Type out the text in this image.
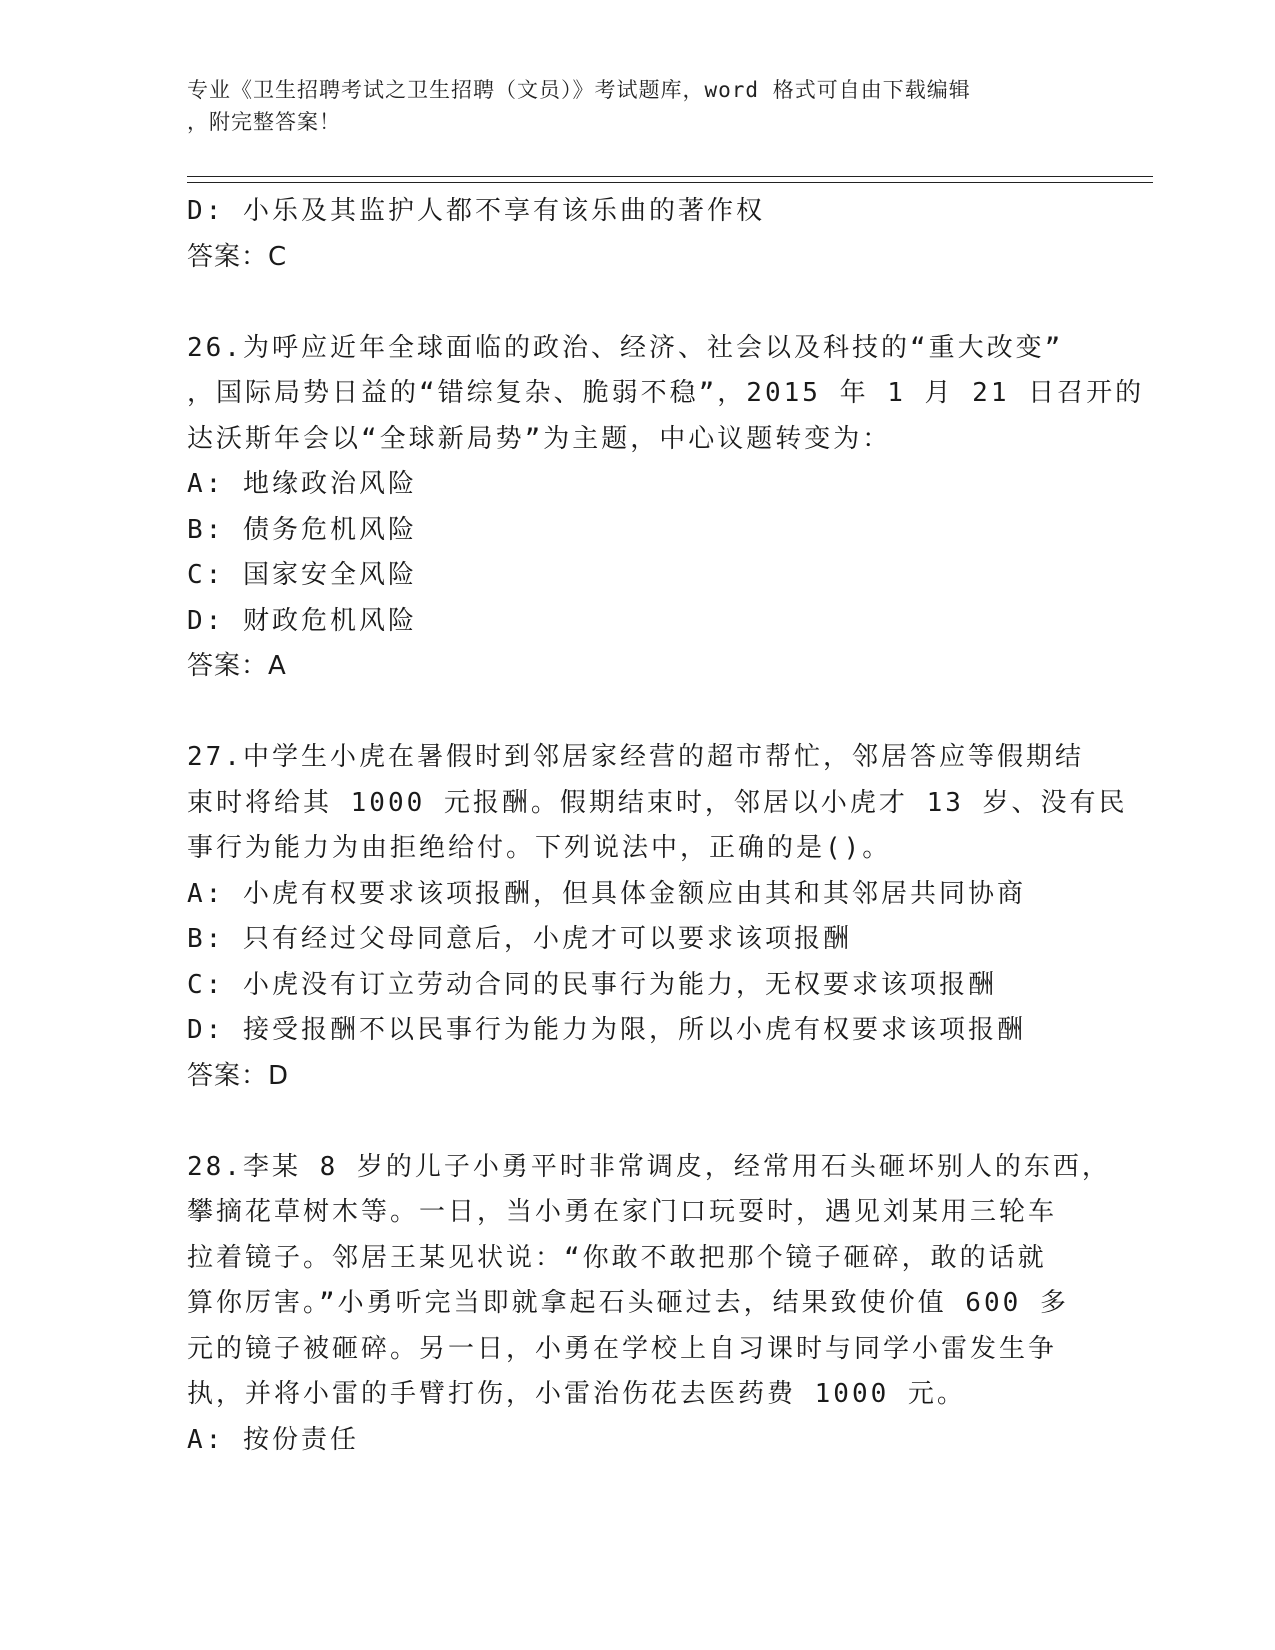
专业《卫生招聘考试之卫生招聘（文员）》考试题库，word 格式可自由下载编辑
，附完整答案！
D: 小乐及其监护人都不享有该乐曲的著作权
答案：C
26.为呼应近年全球面临的政治、经济、社会以及科技的“重大改变”
，国际局势日益的“错综复杂、脆弱不稳”，2015 年 1 月 21 日召开的
达沃斯年会以“全球新局势”为主题，中心议题转变为：
A: 地缘政治风险
B: 债务危机风险
C: 国家安全风险
D: 财政危机风险
答案：A
27.中学生小虎在暑假时到邻居家经营的超市帮忙，邻居答应等假期结
束时将给其 1000 元报酬。假期结束时，邻居以小虎才 13 岁、没有民
事行为能力为由拒绝给付。下列说法中，正确的是()。
A: 小虎有权要求该项报酬，但具体金额应由其和其邻居共同协商
B: 只有经过父母同意后，小虎才可以要求该项报酬
C: 小虎没有订立劳动合同的民事行为能力，无权要求该项报酬
D: 接受报酬不以民事行为能力为限，所以小虎有权要求该项报酬
答案：D
28.李某 8 岁的儿子小勇平时非常调皮，经常用石头砸坏别人的东西，
攀摘花草树木等。一日，当小勇在家门口玩耍时，遇见刘某用三轮车
拉着镜子。邻居王某见状说：“你敢不敢把那个镜子砸碎，敢的话就
算你厉害。”小勇听完当即就拿起石头砸过去，结果致使价值 600 多
元的镜子被砸碎。另一日，小勇在学校上自习课时与同学小雷发生争
执，并将小雷的手臂打伤，小雷治伤花去医药费 1000 元。
A: 按份责任
